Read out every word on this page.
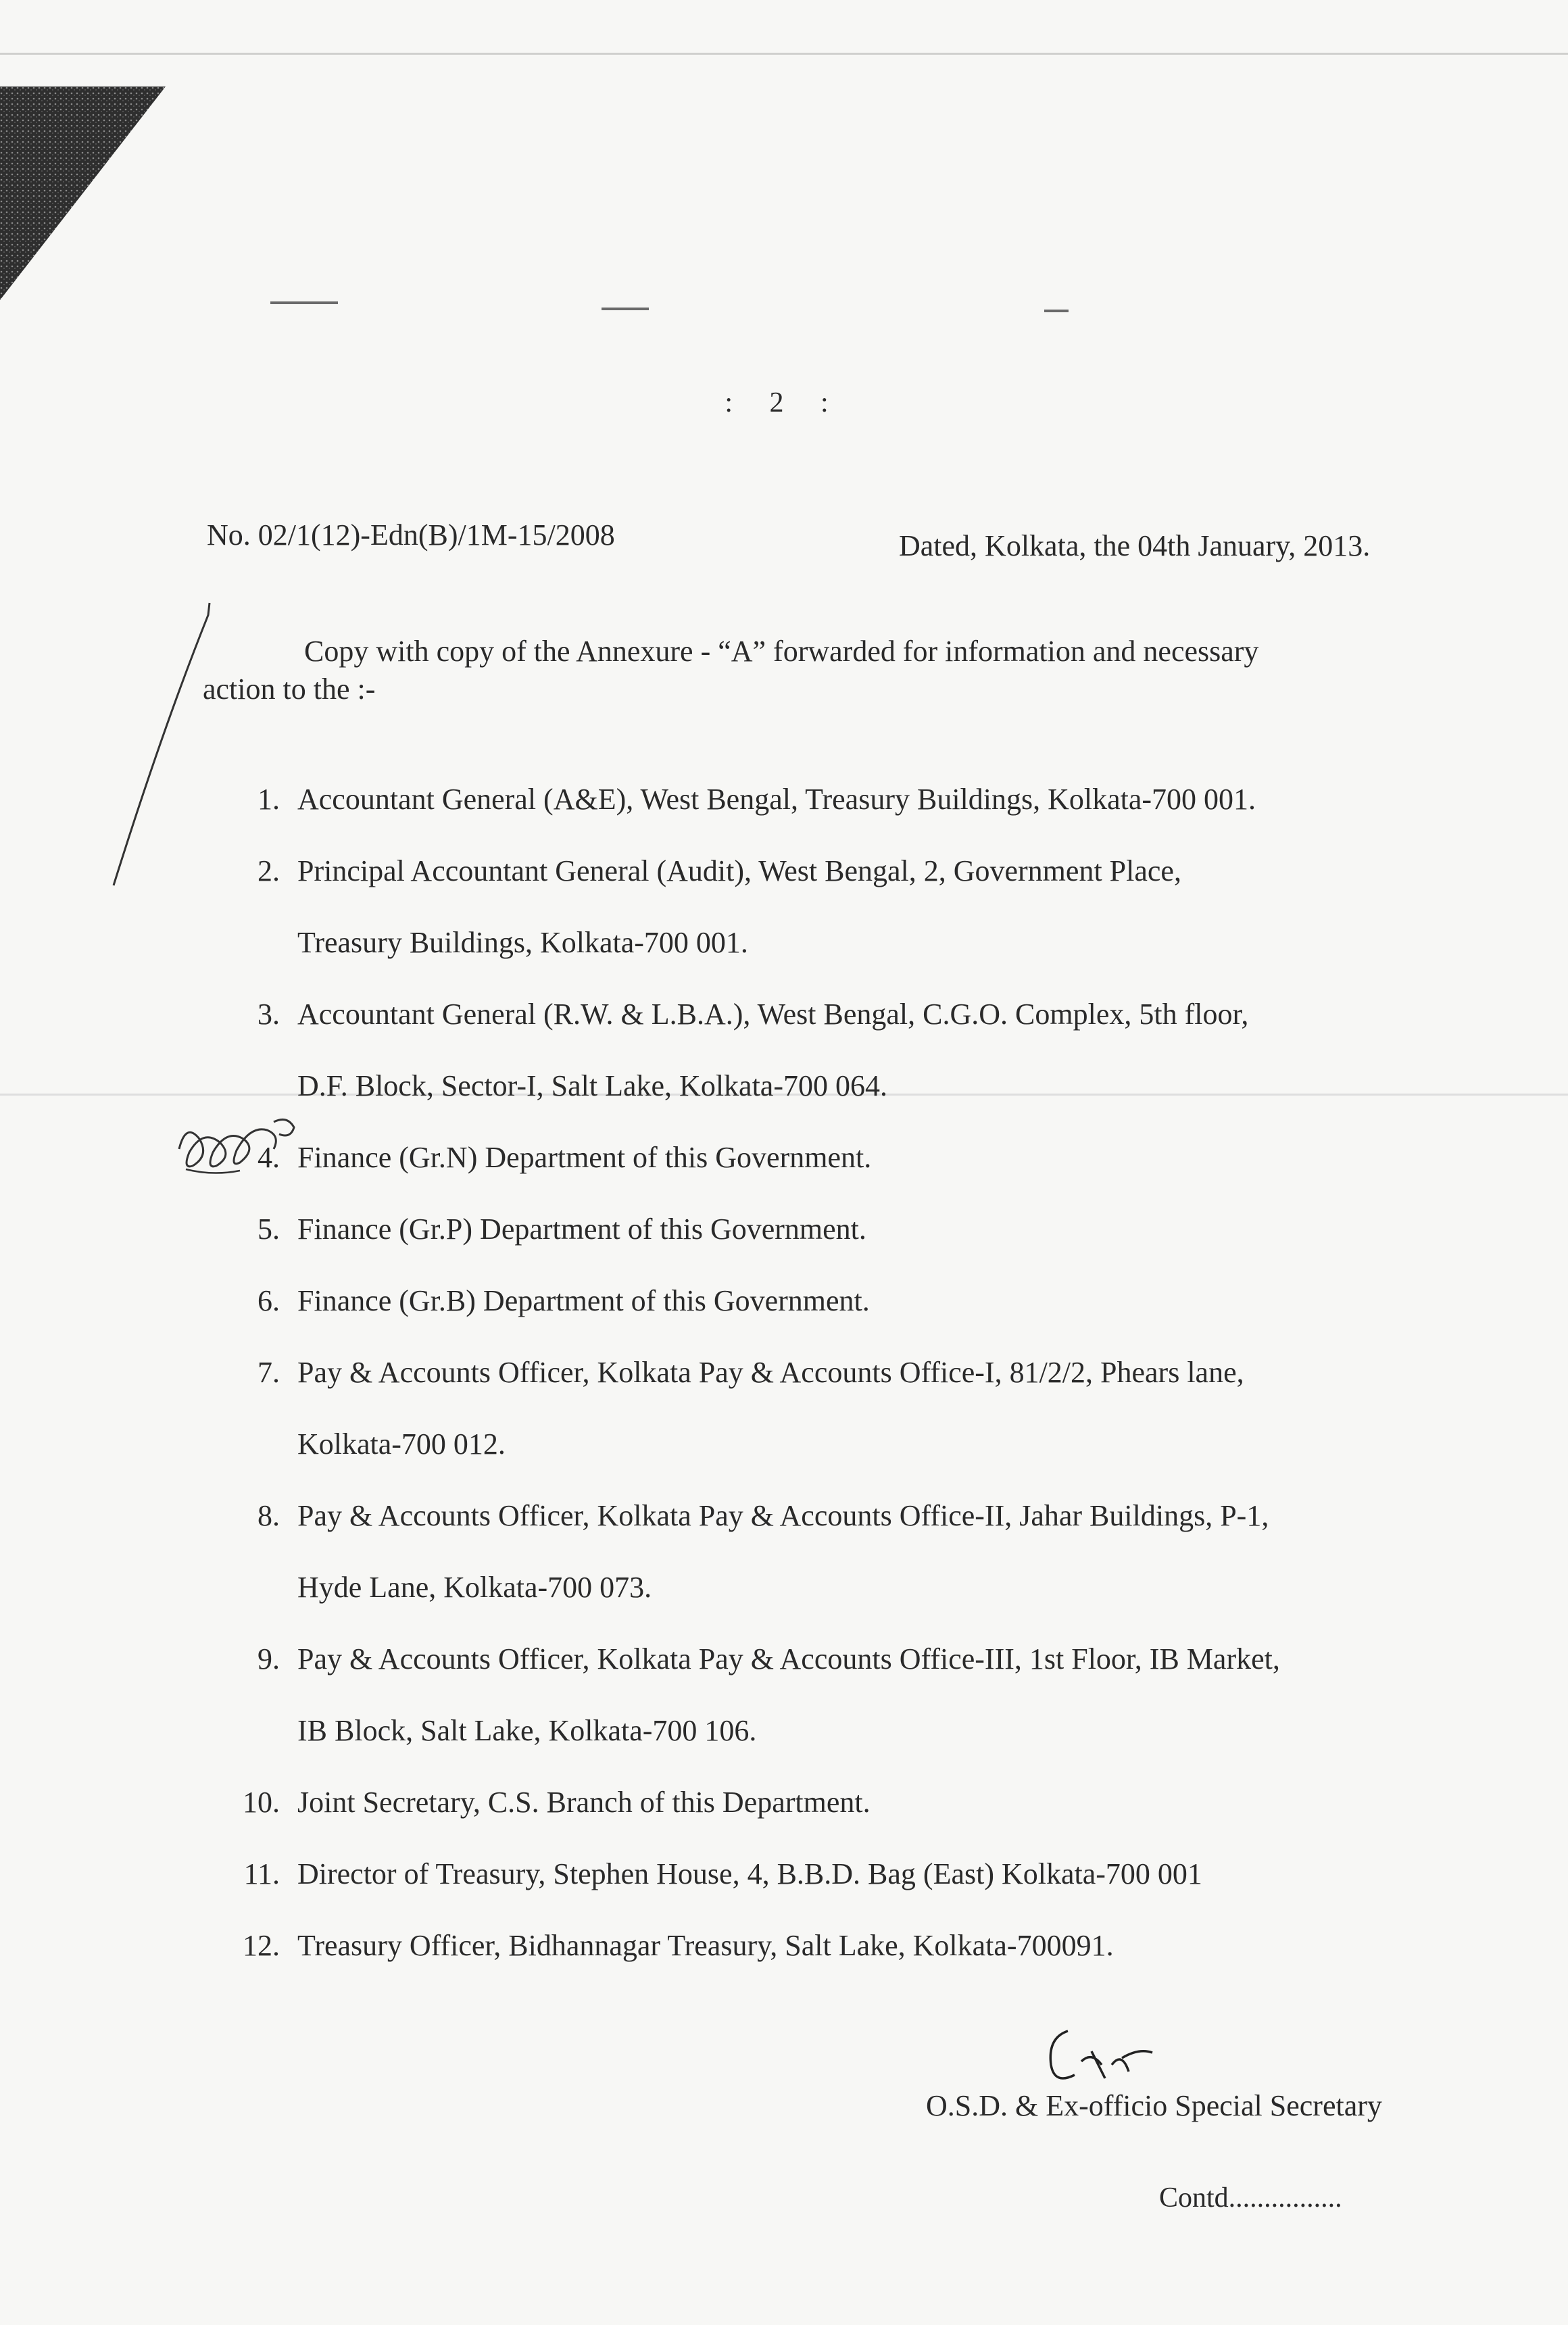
: 2 :
No. 02/1(12)-Edn(B)/1M-15/2008	Dated, Kolkata, the 04th January, 2013.
Copy with copy of the Annexure - “A” forwarded for information and necessary
action to the :-
1. Accountant General (A&E), West Bengal, Treasury Buildings, Kolkata-700 001.
2. Principal Accountant General (Audit), West Bengal, 2, Government Place,
Treasury Buildings, Kolkata-700 001.
3. Accountant General (R.W. & L.B.A.), West Bengal, C.G.O. Complex, 5th floor,
D.F. Block, Sector-I, Salt Lake, Kolkata-700 064.
4. Finance (Gr.N) Department of this Government.
5. Finance (Gr.P) Department of this Government.
6. Finance (Gr.B) Department of this Government.
7. Pay & Accounts Officer, Kolkata Pay & Accounts Office-I, 81/2/2, Phears lane,
Kolkata-700 012.
8. Pay & Accounts Officer, Kolkata Pay & Accounts Office-II, Jahar Buildings, P-1,
Hyde Lane, Kolkata-700 073.
9. Pay & Accounts Officer, Kolkata Pay & Accounts Office-III, 1st Floor, IB Market,
IB Block, Salt Lake, Kolkata-700 106.
10. Joint Secretary, C.S. Branch of this Department.
11. Director of Treasury, Stephen House, 4, B.B.D. Bag (East) Kolkata-700 001
12. Treasury Officer, Bidhannagar Treasury, Salt Lake, Kolkata-700091.
O.S.D. & Ex-officio Special Secretary
Contd................
